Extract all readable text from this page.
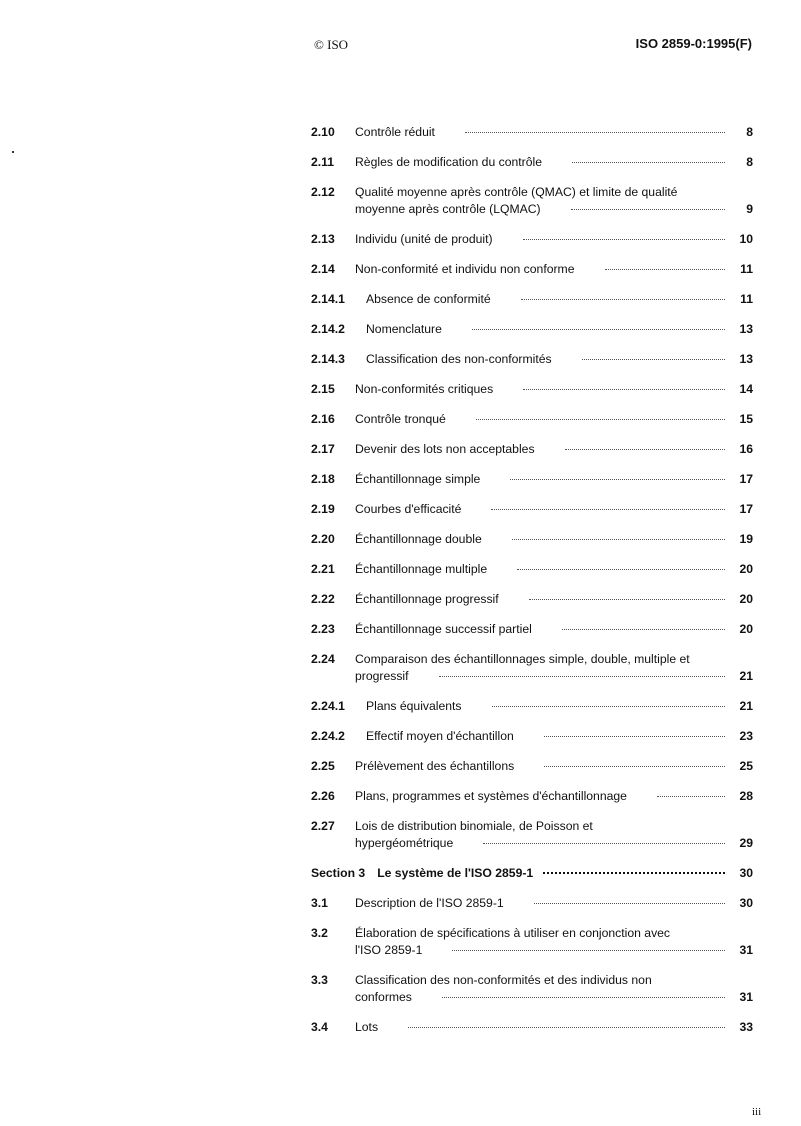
© ISO	ISO 2859-0:1995(F)
2.10	Contrôle réduit	8
2.11	Règles de modification du contrôle	8
2.12	Qualité moyenne après contrôle (QMAC) et limite de qualité
moyenne après contrôle (LQMAC)	9
2.13	Individu (unité de produit)	10
2.14	Non-conformité et individu non conforme	11
2.14.1	Absence de conformité	11
2.14.2	Nomenclature	13
2.14.3	Classification des non-conformités	13
2.15	Non-conformités critiques	14
2.16	Contrôle tronqué	15
2.17	Devenir des lots non acceptables	16
2.18	Échantillonnage simple	17
2.19	Courbes d'efficacité	17
2.20	Échantillonnage double	19
2.21	Échantillonnage multiple	20
2.22	Échantillonnage progressif	20
2.23	Échantillonnage successif partiel	20
2.24	Comparaison des échantillonnages simple, double, multiple et
progressif	21
2.24.1	Plans équivalents	21
2.24.2	Effectif moyen d'échantillon	23
2.25	Prélèvement des échantillons	25
2.26	Plans, programmes et systèmes d'échantillonnage	28
2.27	Lois de distribution binomiale, de Poisson et
hypergéométrique	29
Section 3 Le système de l'ISO 2859-1	30
3.1	Description de l'ISO 2859-1	30
3.2	Élaboration de spécifications à utiliser en conjonction avec
l'ISO 2859-1	31
3.3	Classification des non-conformités et des individus non
conformes	31
3.4	Lots	33
iii
